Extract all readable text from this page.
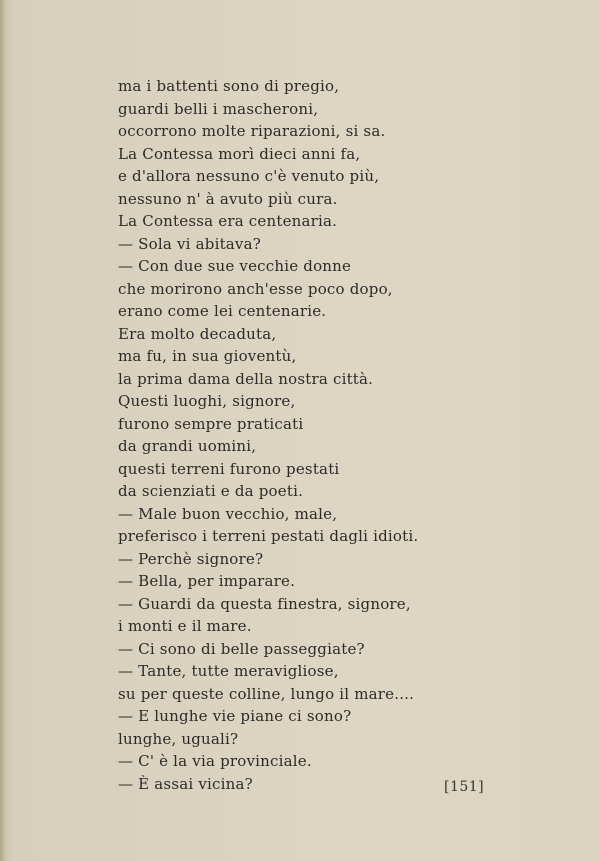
ma i battenti sono di pregio,
guardi belli i mascheroni,
occorrono molte riparazioni, si sa.
La Contessa morì dieci anni fa,
e d'allora nessuno c'è venuto più,
nessuno n' à avuto più cura.
La Contessa era centenaria.
— Sola vi abitava?
— Con due sue vecchie donne
che morirono anch'esse poco dopo,
erano come lei centenarie.
Era molto decaduta,
ma fu, in sua gioventù,
la prima dama della nostra città.
Questi luoghi, signore,
furono sempre praticati
da grandi uomini,
questi terreni furono pestati
da scienziati e da poeti.
— Male buon vecchio, male,
preferisco i terreni pestati dagli idioti.
— Perchè signore?
— Bella, per imparare.
— Guardi da questa finestra, signore,
i monti e il mare.
— Ci sono di belle passeggiate?
— Tante, tutte meravigliose,
su per queste colline, lungo il mare....
— E lunghe vie piane ci sono?
lunghe, uguali?
— C' è la via provinciale.
— È assai vicina?	[151]
